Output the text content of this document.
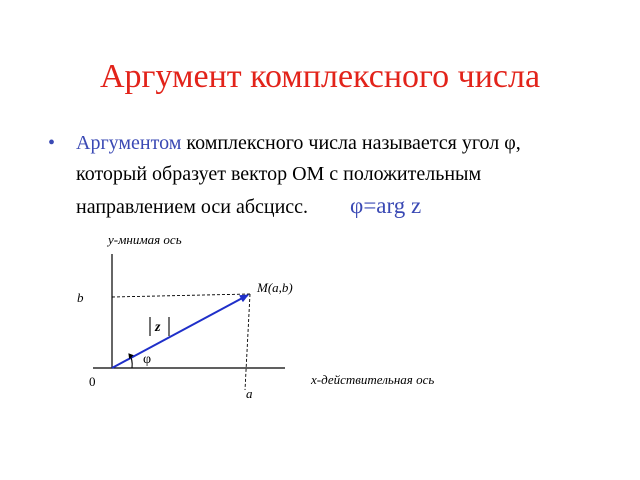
Аргумент комплексного числа
• Аргументом комплексного числа называется угол φ,
который образует вектор ОМ с положительным
направлением оси абсцисс. φ=arg z
z
y-мнимая ось
x-действительная ось
M(a,b)
b
a
0
φ
